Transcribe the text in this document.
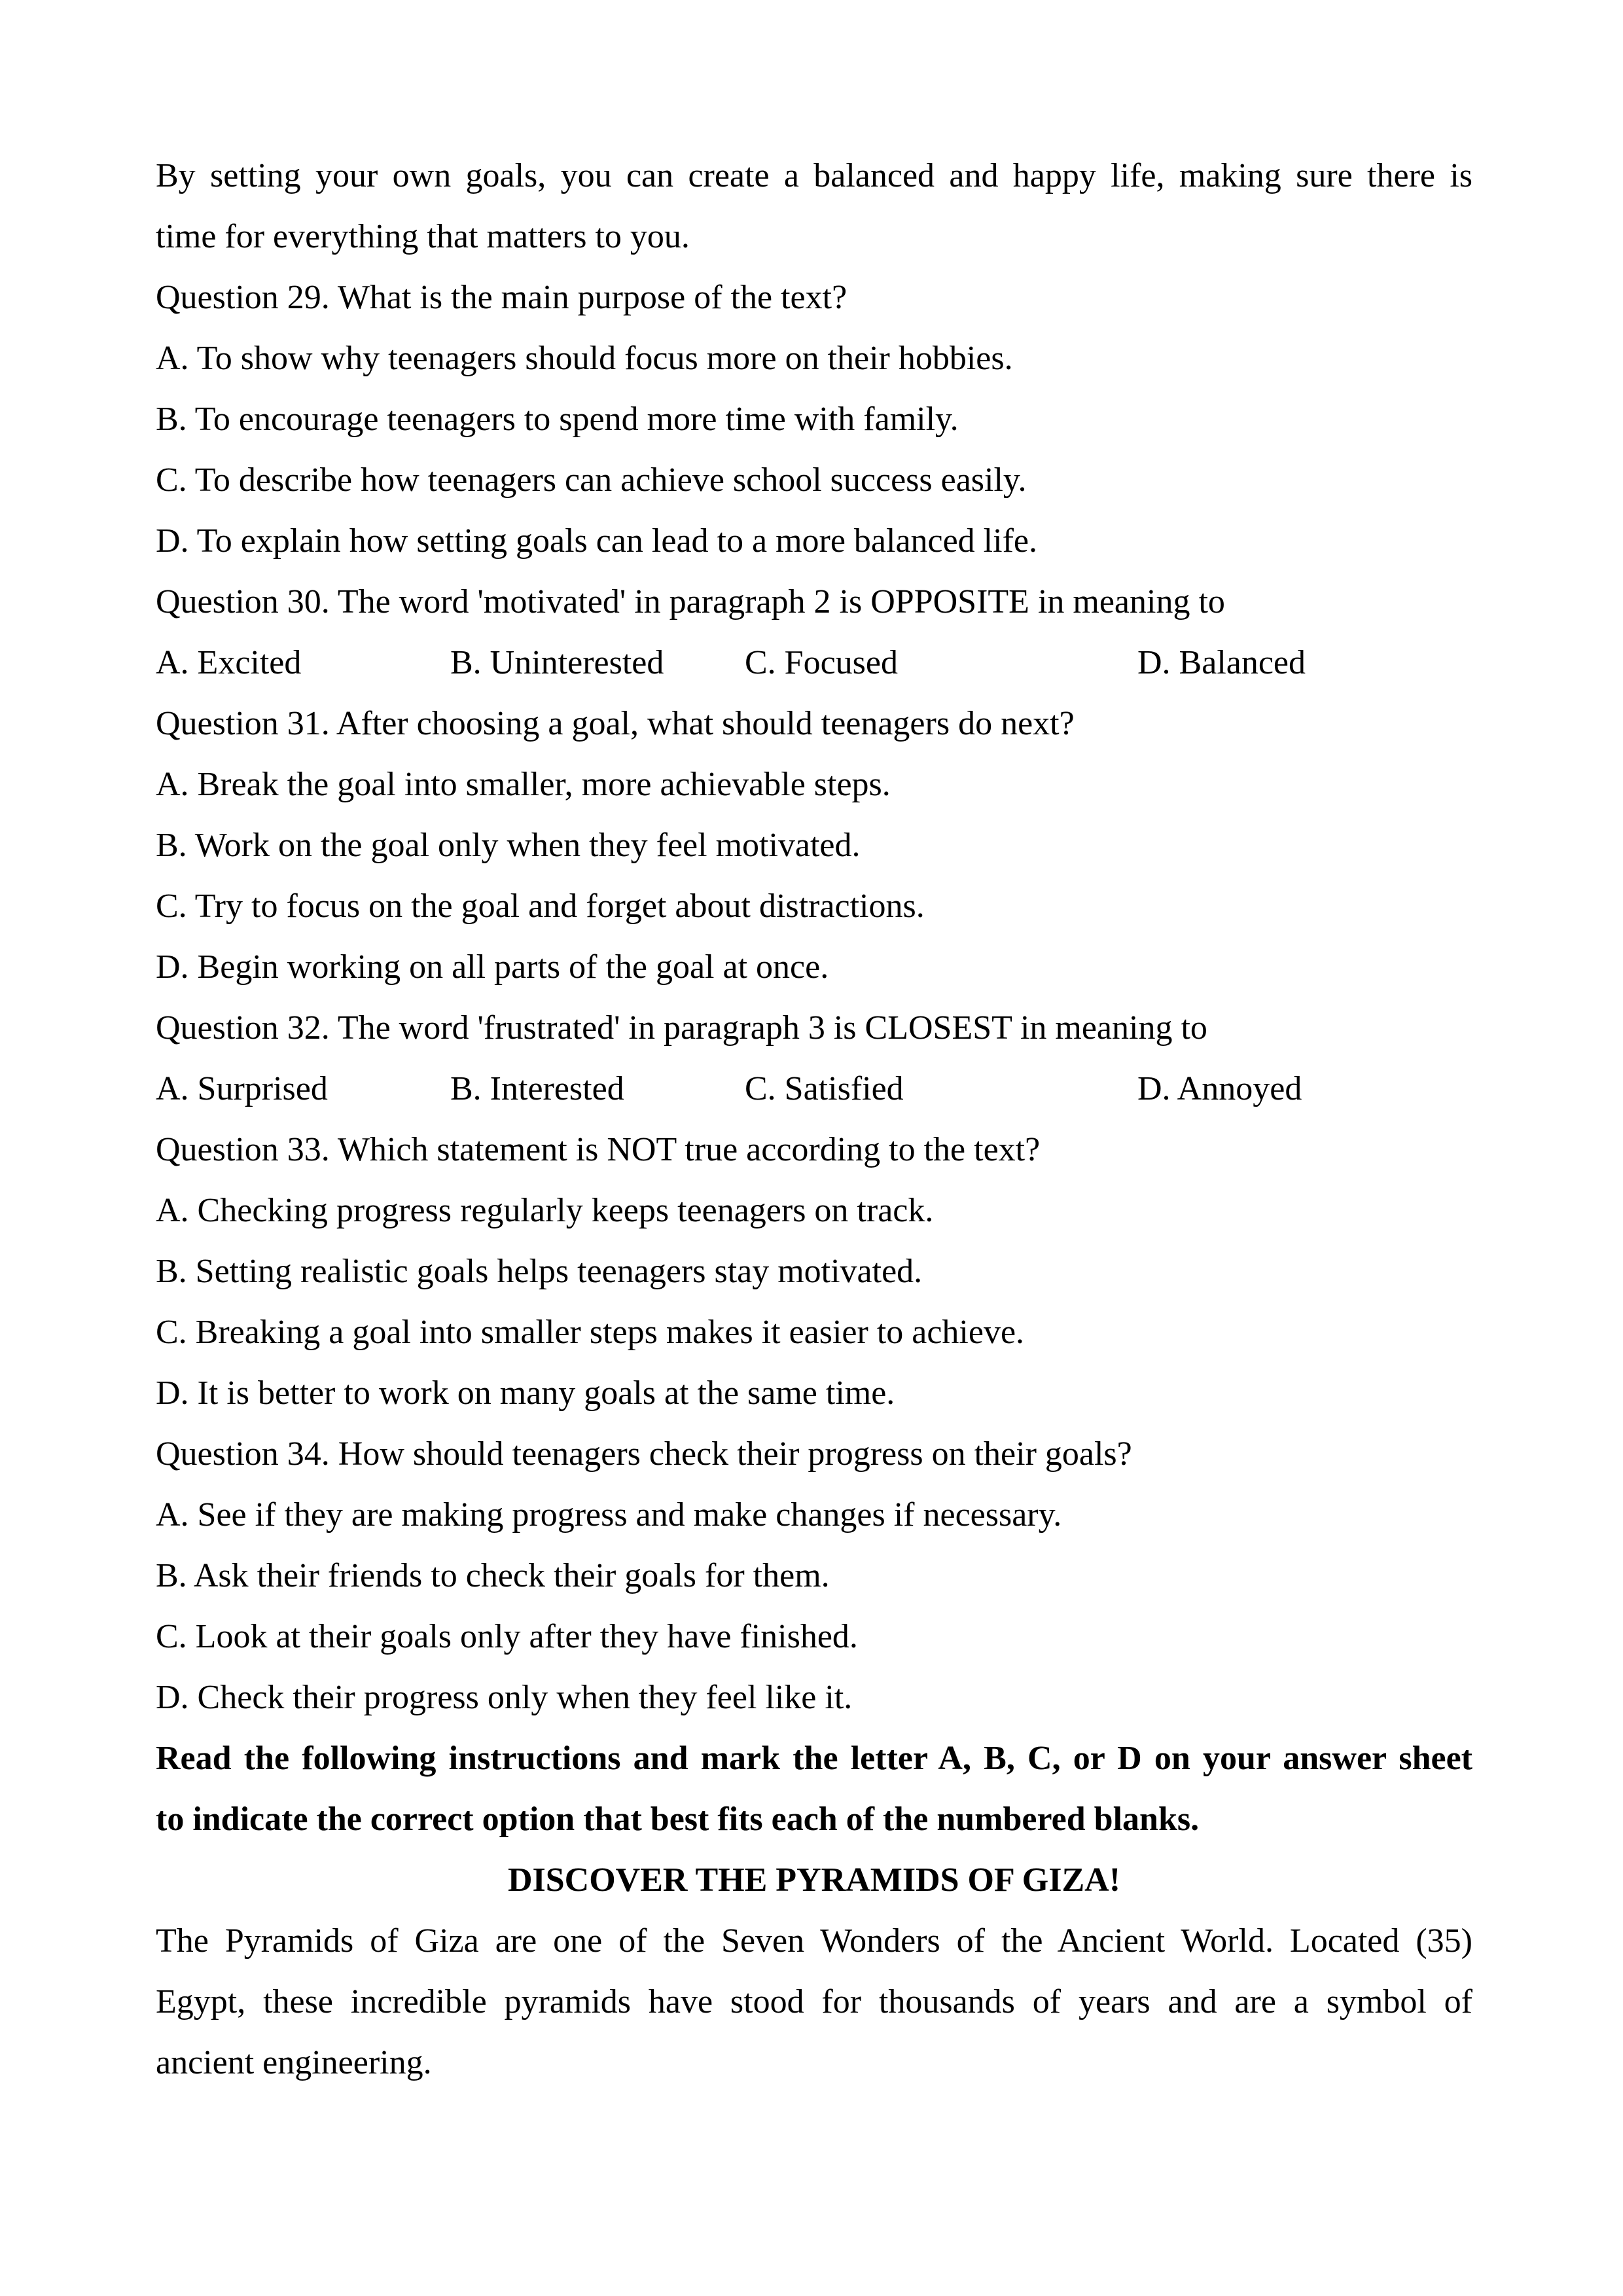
By setting your own goals, you can create a balanced and happy life, making sure there is
time for everything that matters to you.
Question 29. What is the main purpose of the text?
A. To show why teenagers should focus more on their hobbies.
B. To encourage teenagers to spend more time with family.
C. To describe how teenagers can achieve school success easily.
D. To explain how setting goals can lead to a more balanced life.
Question 30. The word 'motivated' in paragraph 2 is OPPOSITE in meaning to
A. Excited	B. Uninterested C. Focused	D. Balanced
Question 31. After choosing a goal, what should teenagers do next?
A. Break the goal into smaller, more achievable steps.
B. Work on the goal only when they feel motivated.
C. Try to focus on the goal and forget about distractions.
D. Begin working on all parts of the goal at once.
Question 32. The word 'frustrated' in paragraph 3 is CLOSEST in meaning to
A. Surprised	B. Interested	C. Satisfied	D. Annoyed
Question 33. Which statement is NOT true according to the text?
A. Checking progress regularly keeps teenagers on track.
B. Setting realistic goals helps teenagers stay motivated.
C. Breaking a goal into smaller steps makes it easier to achieve.
D. It is better to work on many goals at the same time.
Question 34. How should teenagers check their progress on their goals?
A. See if they are making progress and make changes if necessary.
B. Ask their friends to check their goals for them.
C. Look at their goals only after they have finished.
D. Check their progress only when they feel like it.
Read the following instructions and mark the letter A, B, C, or D on your answer sheet
to indicate the correct option that best fits each of the numbered blanks.
DISCOVER THE PYRAMIDS OF GIZA!
The Pyramids of Giza are one of the Seven Wonders of the Ancient World. Located (35)
Egypt, these incredible pyramids have stood for thousands of years and are a symbol of
ancient engineering.
